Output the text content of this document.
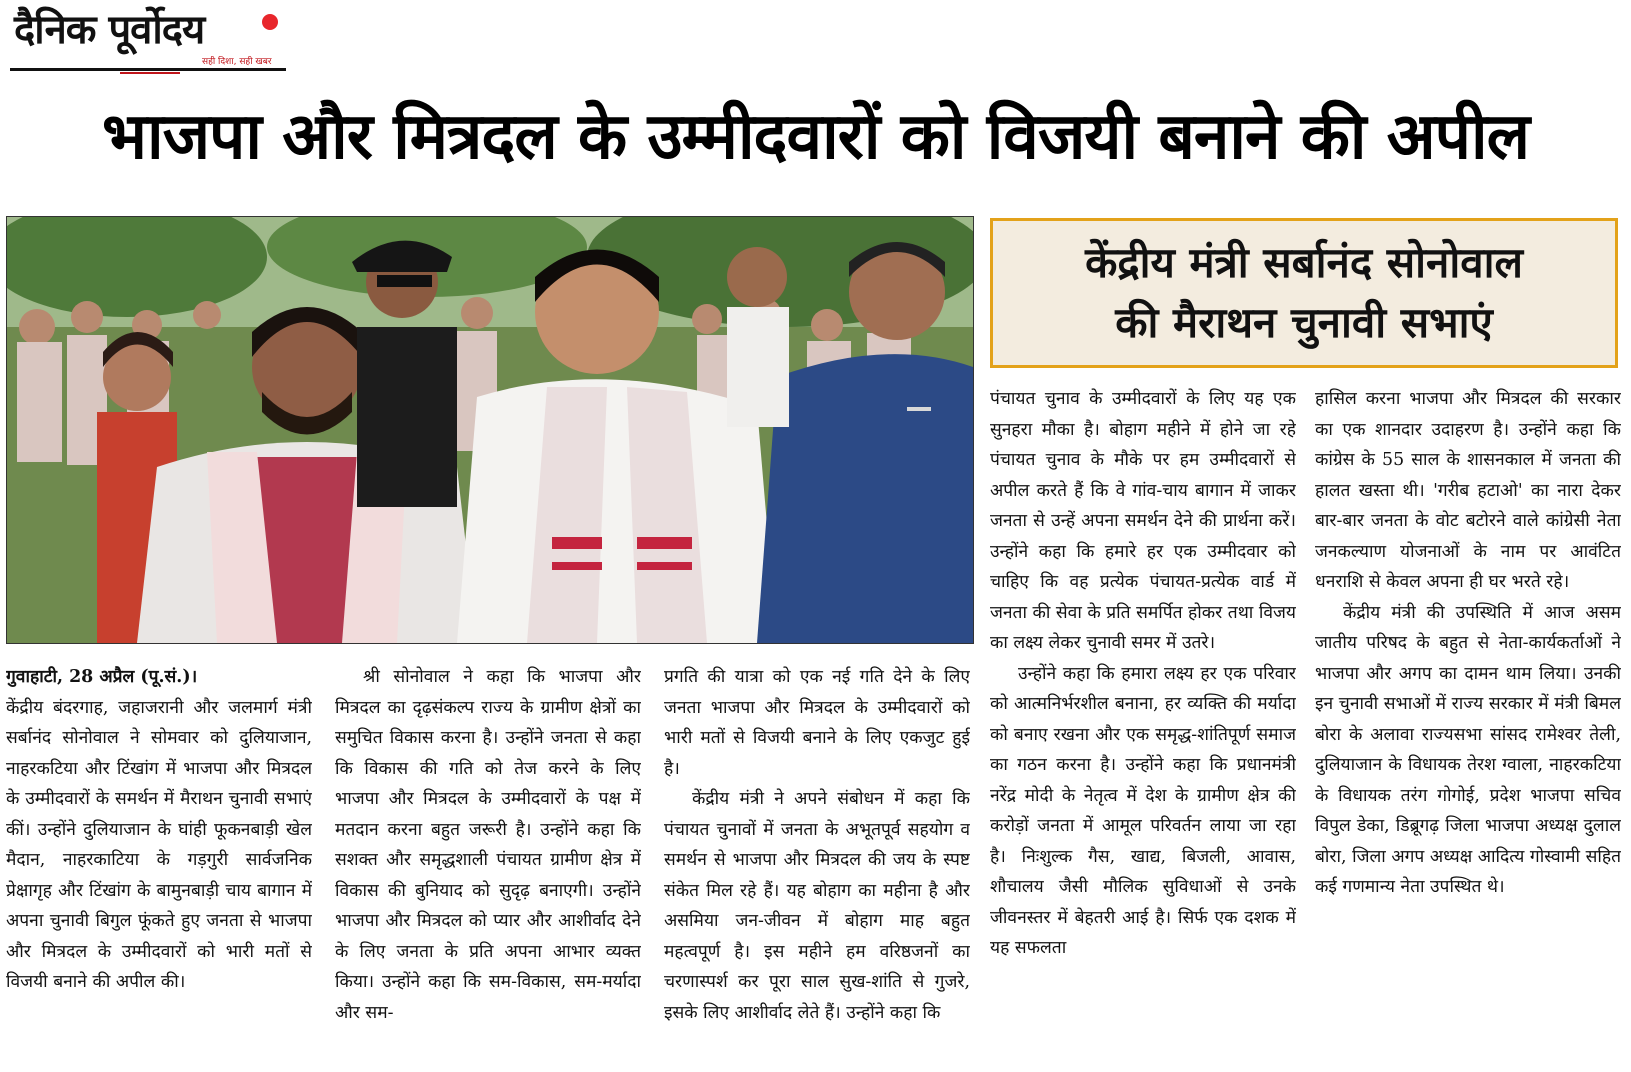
दैनिक पूर्वोदय
सही दिशा, सही खबर
भाजपा और मित्रदल के उम्मीदवारों को विजयी बनाने की अपील
केंद्रीय मंत्री सर्बानंद सोनोवाल
की मैराथन चुनावी सभाएं

गुवाहाटी, 28 अप्रैल (पू.सं.)।

केंद्रीय बंदरगाह, जहाजरानी और जलमार्ग मंत्री सर्बानंद सोनोवाल ने सोमवार को दुलियाजान, नाहरकटिया और टिंखांग में भाजपा और मित्रदल के उम्मीदवारों के समर्थन में मैराथन चुनावी सभाएं कीं। उन्होंने दुलियाजान के घांही फूकनबाड़ी खेल मैदान, नाहरकाटिया के गड़गुरी सार्वजनिक प्रेक्षागृह और टिंखांग के बामुनबाड़ी चाय बागान में अपना चुनावी बिगुल फूंकते हुए जनता से भाजपा और मित्रदल के उम्मीदवारों को भारी मतों से विजयी बनाने की अपील की।

श्री सोनोवाल ने कहा कि भाजपा और मित्रदल का दृढ़संकल्प राज्य के ग्रामीण क्षेत्रों का समुचित विकास करना है। उन्होंने जनता से कहा कि विकास की गति को तेज करने के लिए भाजपा और मित्रदल के उम्मीदवारों के पक्ष में मतदान करना बहुत जरूरी है। उन्होंने कहा कि सशक्त और समृद्धशाली पंचायत ग्रामीण क्षेत्र में विकास की बुनियाद को सुदृढ़ बनाएगी। उन्होंने भाजपा और मित्रदल को प्यार और आशीर्वाद देने के लिए जनता के प्रति अपना आभार व्यक्त किया। उन्होंने कहा कि सम-विकास, सम-मर्यादा और सम-

प्रगति की यात्रा को एक नई गति देने के लिए जनता भाजपा और मित्रदल के उम्मीदवारों को भारी मतों से विजयी बनाने के लिए एकजुट हुई है।

केंद्रीय मंत्री ने अपने संबोधन में कहा कि पंचायत चुनावों में जनता के अभूतपूर्व सहयोग व समर्थन से भाजपा और मित्रदल की जय के स्पष्ट संकेत मिल रहे हैं। यह बोहाग का महीना है और असमिया जन-जीवन में बोहाग माह बहुत महत्वपूर्ण है। इस महीने हम वरिष्ठजनों का चरणास्पर्श कर पूरा साल सुख-शांति से गुजरे, इसके लिए आशीर्वाद लेते हैं। उन्होंने कहा कि

पंचायत चुनाव के उम्मीदवारों के लिए यह एक सुनहरा मौका है। बोहाग महीने में होने जा रहे पंचायत चुनाव के मौके पर हम उम्मीदवारों से अपील करते हैं कि वे गांव-चाय बागान में जाकर जनता से उन्हें अपना समर्थन देने की प्रार्थना करें। उन्होंने कहा कि हमारे हर एक उम्मीदवार को चाहिए कि वह प्रत्येक पंचायत-प्रत्येक वार्ड में जनता की सेवा के प्रति समर्पित होकर तथा विजय का लक्ष्य लेकर चुनावी समर में उतरे।

उन्होंने कहा कि हमारा लक्ष्य हर एक परिवार को आत्मनिर्भरशील बनाना, हर व्यक्ति की मर्यादा को बनाए रखना और एक समृद्ध-शांतिपूर्ण समाज का गठन करना है। उन्होंने कहा कि प्रधानमंत्री नरेंद्र मोदी के नेतृत्व में देश के ग्रामीण क्षेत्र की करोड़ों जनता में आमूल परिवर्तन लाया जा रहा है। निःशुल्क गैस, खाद्य, बिजली, आवास, शौचालय जैसी मौलिक सुविधाओं से उनके जीवनस्तर में बेहतरी आई है। सिर्फ एक दशक में यह सफलता

हासिल करना भाजपा और मित्रदल की सरकार का एक शानदार उदाहरण है। उन्होंने कहा कि कांग्रेस के 55 साल के शासनकाल में जनता की हालत खस्ता थी। 'गरीब हटाओ' का नारा देकर बार-बार जनता के वोट बटोरने वाले कांग्रेसी नेता जनकल्याण योजनाओं के नाम पर आवंटित धनराशि से केवल अपना ही घर भरते रहे।

केंद्रीय मंत्री की उपस्थिति में आज असम जातीय परिषद के बहुत से नेता-कार्यकर्ताओं ने भाजपा और अगप का दामन थाम लिया। उनकी इन चुनावी सभाओं में राज्य सरकार में मंत्री बिमल बोरा के अलावा राज्यसभा सांसद रामेश्वर तेली, दुलियाजान के विधायक तेरश ग्वाला, नाहरकटिया के विधायक तरंग गोगोई, प्रदेश भाजपा सचिव विपुल डेका, डिब्रूगढ़ जिला भाजपा अध्यक्ष दुलाल बोरा, जिला अगप अध्यक्ष आदित्य गोस्वामी सहित कई गणमान्य नेता उपस्थित थे।
